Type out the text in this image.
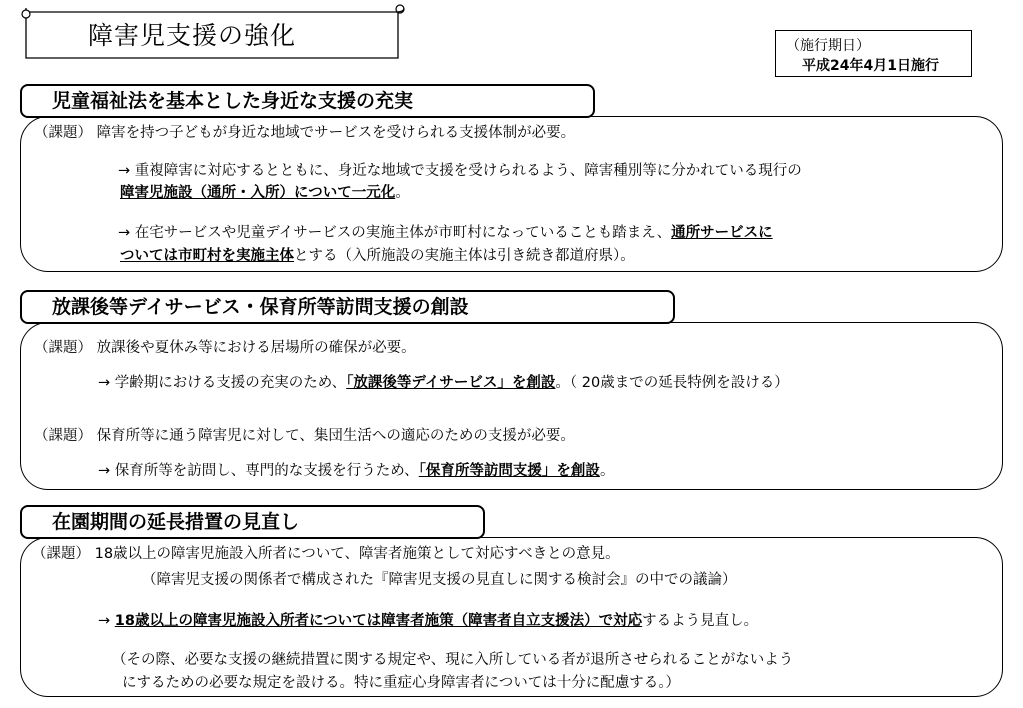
障害児支援の強化	（施行期日）
平成24年4月1日施行
児童福祉法を基本とした身近な支援の充実
（課題） 障害を持つ子どもが身近な地域でサービスを受けられる支援体制が必要。
→ 重複障害に対応するとともに、身近な地域で支援を受けられるよう、障害種別等に分かれている現行の
障害児施設（通所・入所）について一元化。
→ 在宅サービスや児童デイサービスの実施主体が市町村になっていることも踏まえ、通所サービスに
ついては市町村を実施主体とする（入所施設の実施主体は引き続き都道府県）。
放課後等デイサービス・保育所等訪問支援の創設
（課題） 放課後や夏休み等における居場所の確保が必要。
→ 学齢期における支援の充実のため、「放課後等デイサービス」を創設。（ 20歳までの延長特例を設ける）
（課題） 保育所等に通う障害児に対して、集団生活への適応のための支援が必要。
→ 保育所等を訪問し、専門的な支援を行うため、「保育所等訪問支援」を創設。
在園期間の延長措置の見直し
（課題） 18歳以上の障害児施設入所者について、障害者施策として対応すべきとの意見。
（障害児支援の関係者で構成された『障害児支援の見直しに関する検討会』の中での議論）
→ 18歳以上の障害児施設入所者については障害者施策（障害者自立支援法）で対応するよう見直し。
（その際、必要な支援の継続措置に関する規定や、現に入所している者が退所させられることがないよう
にするための必要な規定を設ける。特に重症心身障害者については十分に配慮する。）
